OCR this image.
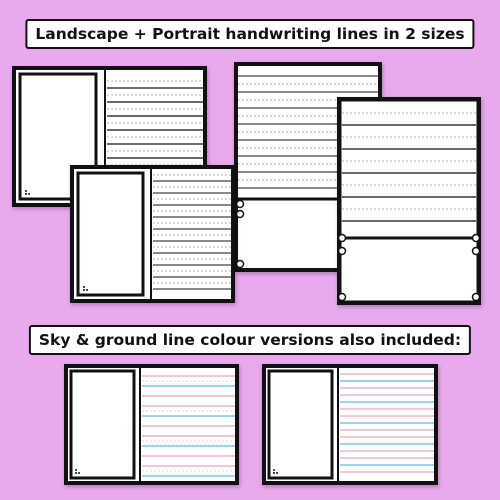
Landscape + Portrait handwriting lines in 2 sizes
Sky & ground line colour versions also included:
